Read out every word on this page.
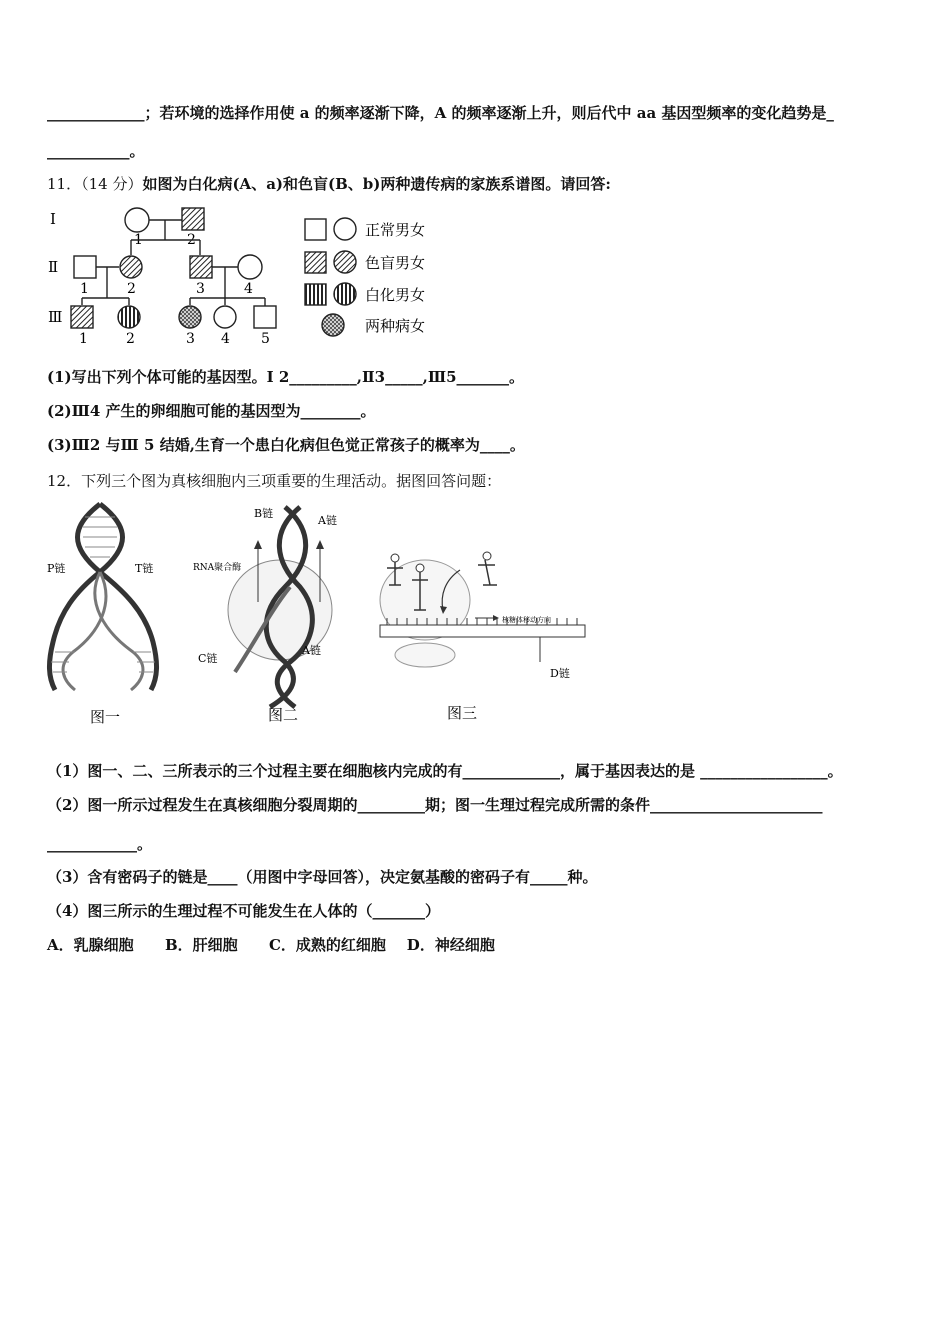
_____________；若环境的选择作用使 a 的频率逐渐下降，A 的频率逐渐上升，则后代中 aa 基因型频率的变化趋势是_
___________。
11．（14 分）如图为白化病(A、a)和色盲(B、b)两种遗传病的家族系谱图。请回答:
Ⅰ
Ⅱ
Ⅲ
1	2
1	2	3	4
1	2	3 4 5
正常男女
色盲男女
白化男女
两种病女
(1)写出下列个体可能的基因型。Ⅰ 2_________,Ⅱ3_____,Ⅲ5_______。
(2)Ⅲ4 产生的卵细胞可能的基因型为________。
(3)Ⅲ2 与Ⅲ 5 结婚,生育一个患白化病但色觉正常孩子的概率为____。
12．下列三个图为真核细胞内三项重要的生理活动。据图回答问题：
P链	T链
图一
B链
A链
RNA聚合酶
C链
A链
图二
核糖体移动方向
D链
图三
（1）图一、二、三所表示的三个过程主要在细胞核内完成的有_____________，属于基因表达的是 _________________。
（2）图一所示过程发生在真核细胞分裂周期的_________期；图一生理过程完成所需的条件_______________________
____________。
（3）含有密码子的链是____（用图中字母回答），决定氨基酸的密码子有_____种。
（4）图三所示的生理过程不可能发生在人体的（_______）
A．乳腺细胞      B．肝细胞      C．成熟的红细胞    D．神经细胞
